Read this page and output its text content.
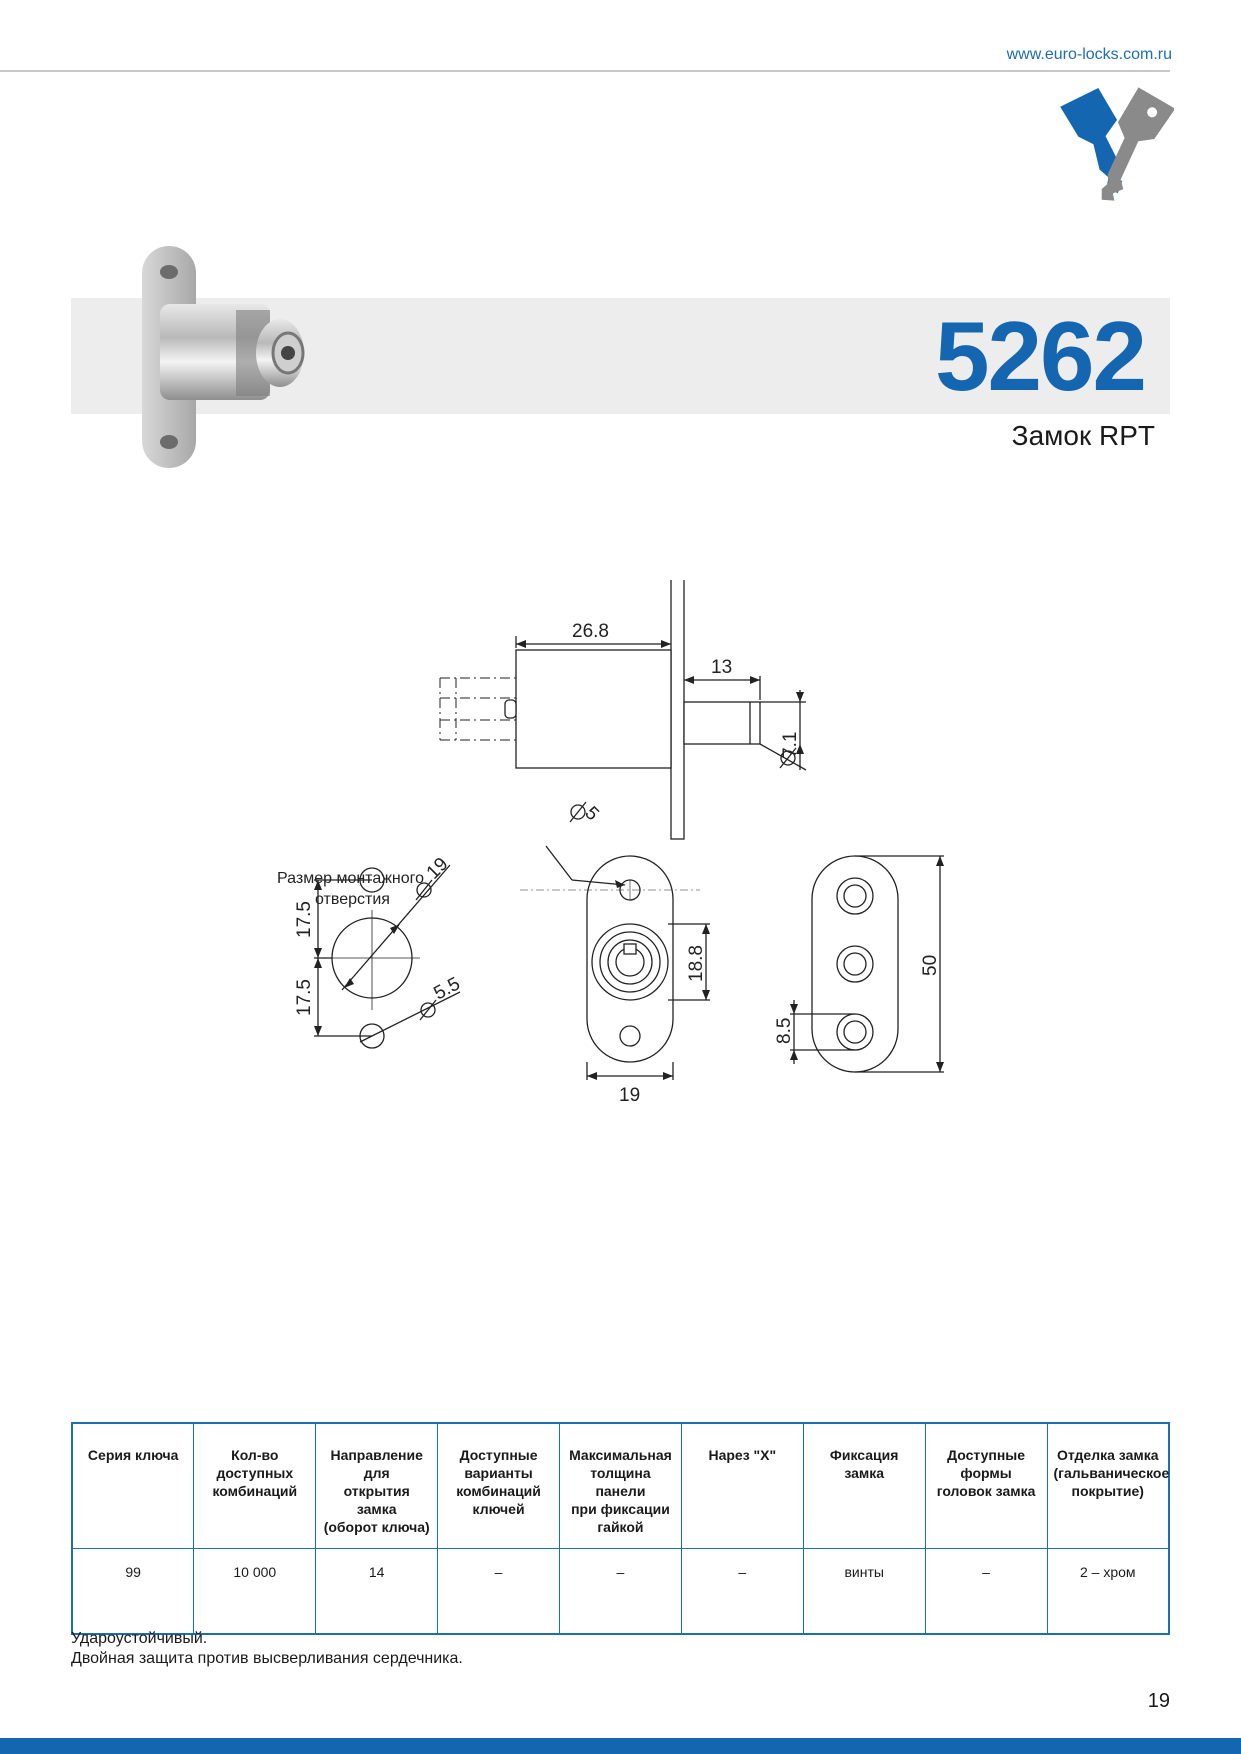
www.euro-locks.com.ru
5262
Замок RPT
26.8
13
7.1
Размер монтажного
отверстия
17.5
17.5
19
5.5
5
18.8
19
8.5
50
Серия ключа	Кол-во
доступных
комбинаций	Направление для
открытия замка
(оборот ключа)	Доступные
варианты
комбинаций
ключей	Максимальная
толщина панели
при фиксации
гайкой	Нарез "X"	Фиксация
замка	Доступные
формы
головок замка	Отделка замка
(гальваническое
покрытие)
99	10 000	14	–	–	–	винты	–	2 – хром
Удароустойчивый.
Двойная защита против высверливания сердечника.
19
